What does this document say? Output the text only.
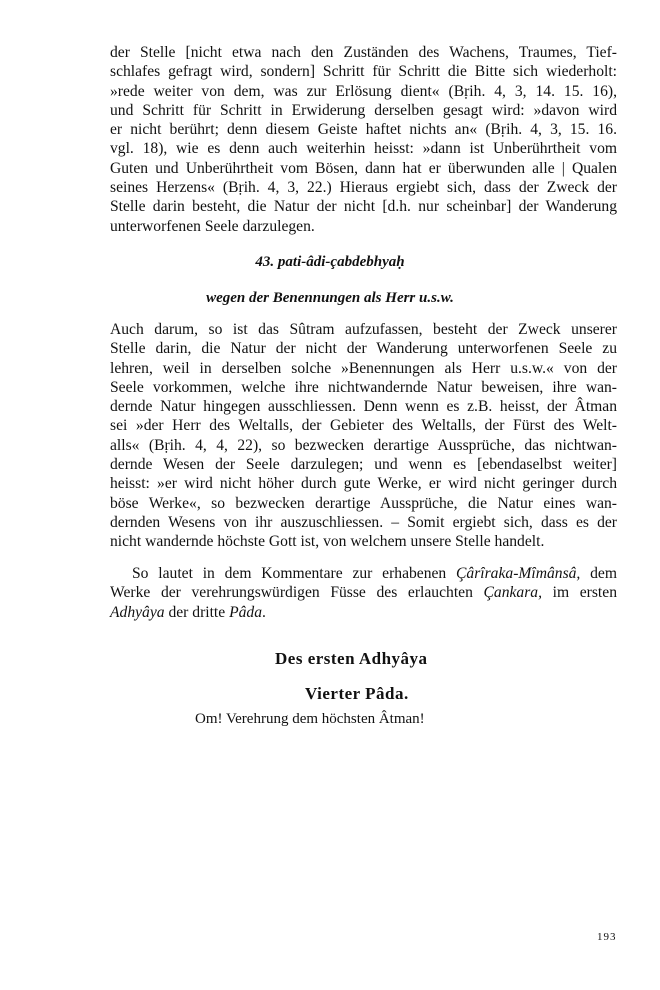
der Stelle [nicht etwa nach den Zuständen des Wachens, Traumes, Tief-
schlafes gefragt wird, sondern] Schritt für Schritt die Bitte sich wiederholt:
»rede weiter von dem, was zur Erlösung dient« (Bṛih. 4, 3, 14. 15. 16),
und Schritt für Schritt in Erwiderung derselben gesagt wird: »davon wird
er nicht berührt; denn diesem Geiste haftet nichts an« (Bṛih. 4, 3, 15. 16.
vgl. 18), wie es denn auch weiterhin heisst: »dann ist Unberührtheit vom
Guten und Unberührtheit vom Bösen, dann hat er überwunden alle | Qualen
seines Herzens« (Bṛih. 4, 3, 22.) Hieraus ergiebt sich, dass der Zweck der
Stelle darin besteht, die Natur der nicht [d.h. nur scheinbar] der Wanderung
unterworfenen Seele darzulegen.
43. pati-âdi-çabdebhyaḥ
wegen der Benennungen als Herr u.s.w.
Auch darum, so ist das Sûtram aufzufassen, besteht der Zweck unserer
Stelle darin, die Natur der nicht der Wanderung unterworfenen Seele zu
lehren, weil in derselben solche »Benennungen als Herr u.s.w.« von der
Seele vorkommen, welche ihre nichtwandernde Natur beweisen, ihre wan-
dernde Natur hingegen ausschliessen. Denn wenn es z.B. heisst, der Âtman
sei »der Herr des Weltalls, der Gebieter des Weltalls, der Fürst des Welt-
alls« (Bṛih. 4, 4, 22), so bezwecken derartige Aussprüche, das nichtwan-
dernde Wesen der Seele darzulegen; und wenn es [ebendaselbst weiter]
heisst: »er wird nicht höher durch gute Werke, er wird nicht geringer durch
böse Werke«, so bezwecken derartige Aussprüche, die Natur eines wan-
dernden Wesens von ihr auszuschliessen. – Somit ergiebt sich, dass es der
nicht wandernde höchste Gott ist, von welchem unsere Stelle handelt.
So lautet in dem Kommentare zur erhabenen Çârîraka-Mîmânsâ, dem
Werke der verehrungswürdigen Füsse des erlauchten Çankara, im ersten
Adhyâya der dritte Pâda.
Des ersten Adhyâya
Vierter Pâda.
Om! Verehrung dem höchsten Âtman!
193
